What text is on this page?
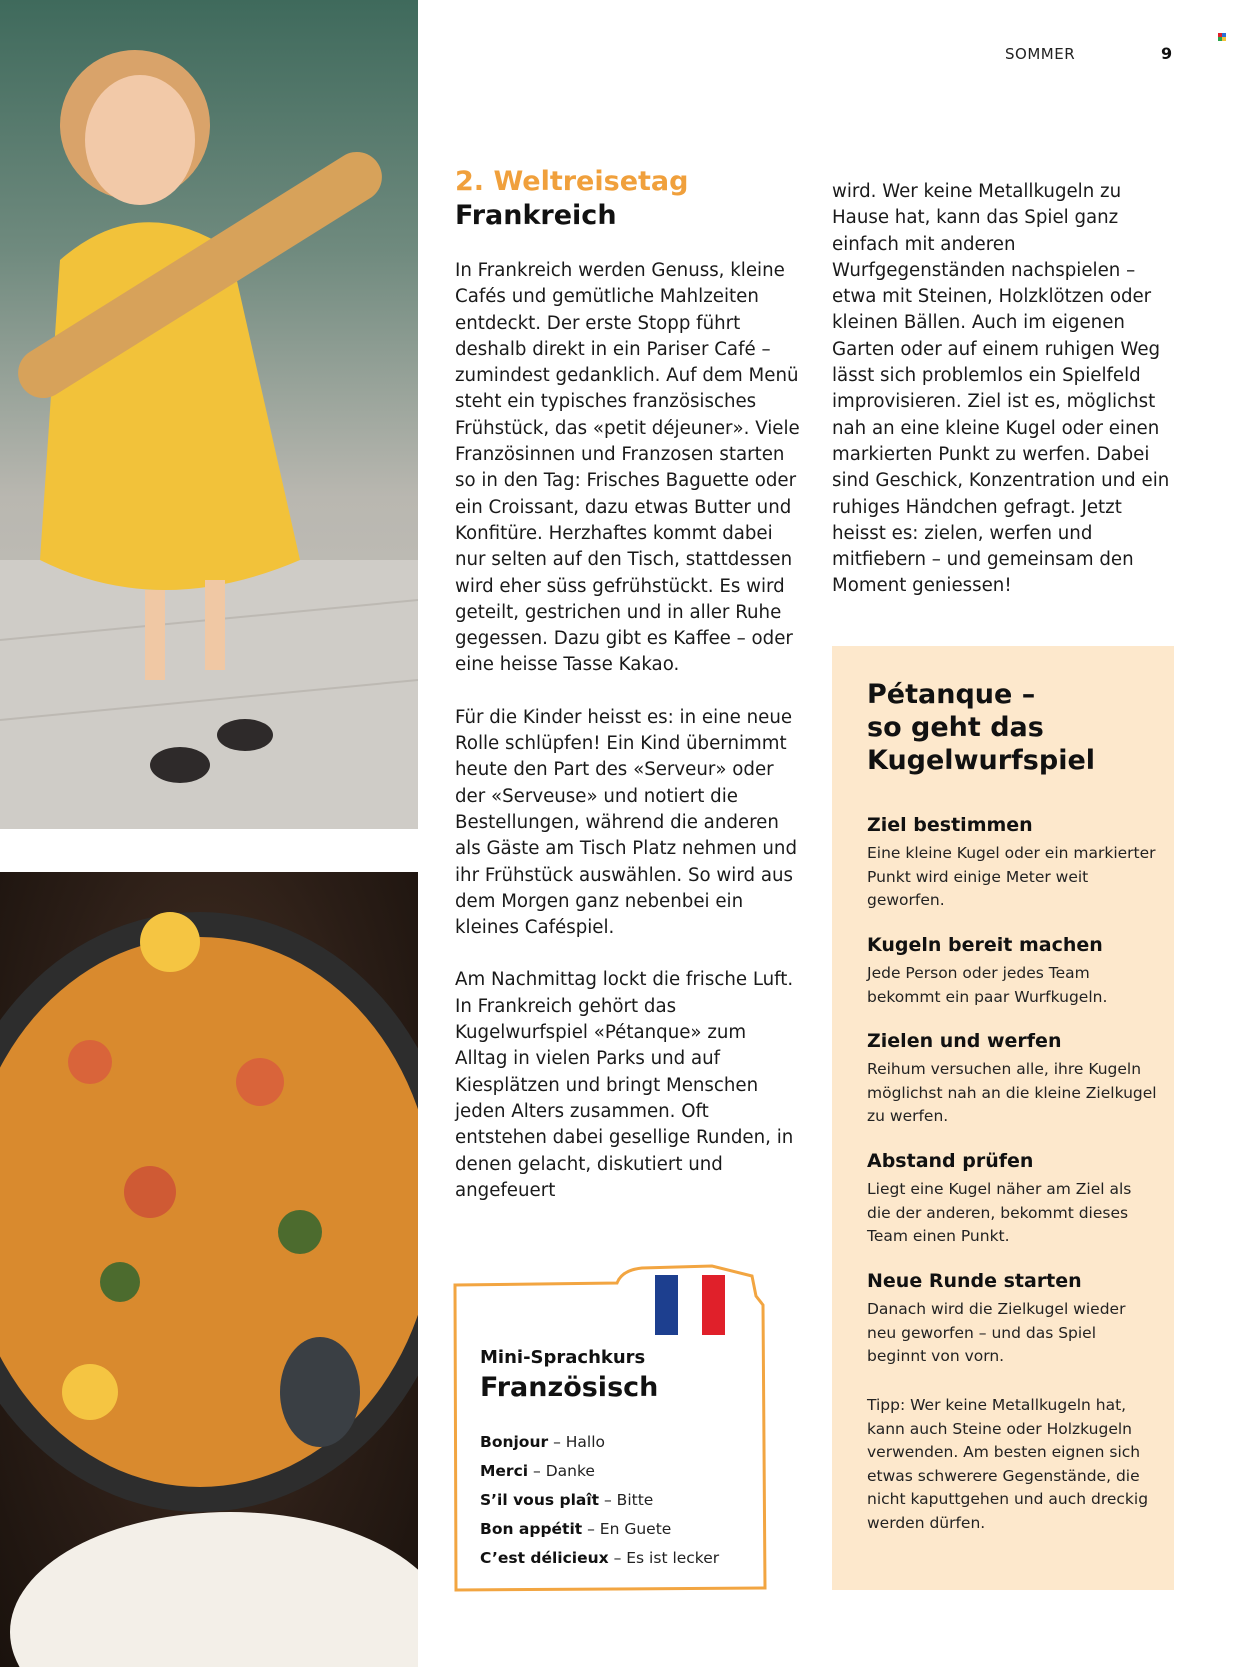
SOMMER	9
2. Weltreisetag
Frankreich

In Frankreich werden Genuss, kleine Cafés und gemütliche Mahlzeiten entdeckt. Der erste Stopp führt deshalb direkt in ein Pariser Café – zumindest gedanklich. Auf dem Menü steht ein typisches französisches Frühstück, das «petit déjeuner». Viele Französinnen und Franzosen starten so in den Tag: Frisches Baguette oder ein Croissant, dazu etwas Butter und Konfitüre. Herzhaftes kommt dabei nur selten auf den Tisch, stattdessen wird eher süss gefrühstückt. Es wird geteilt, gestrichen und in aller Ruhe gegessen. Dazu gibt es Kaffee – oder eine heisse Tasse Kakao.

Für die Kinder heisst es: in eine neue Rolle schlüpfen! Ein Kind übernimmt heute den Part des «Serveur» oder der «Serveuse» und notiert die Bestellungen, während die anderen als Gäste am Tisch Platz nehmen und ihr Frühstück auswählen. So wird aus dem Morgen ganz nebenbei ein kleines Caféspiel.

Am Nachmittag lockt die frische Luft. In Frankreich gehört das Kugelwurfspiel «Pétanque» zum Alltag in vielen Parks und auf Kiesplätzen und bringt Menschen jeden Alters zusammen. Oft entstehen dabei gesellige Runden, in denen gelacht, diskutiert und angefeuert

wird. Wer keine Metallkugeln zu Hause hat, kann das Spiel ganz einfach mit anderen Wurfgegenständen nachspielen – etwa mit Steinen, Holzklötzen oder kleinen Bällen. Auch im eigenen Garten oder auf einem ruhigen Weg lässt sich problemlos ein Spielfeld improvisieren. Ziel ist es, möglichst nah an eine kleine Kugel oder einen markierten Punkt zu werfen. Dabei sind Geschick, Konzentration und ein ruhiges Händchen gefragt. Jetzt heisst es: zielen, werfen und mitfiebern – und gemeinsam den Moment geniessen!

Pétanque –
so geht das
Kugelwurfspiel
Ziel bestimmen

Eine kleine Kugel oder ein markierter Punkt wird einige Meter weit geworfen.

Kugeln bereit machen

Jede Person oder jedes Team bekommt ein paar Wurfkugeln.

Zielen und werfen

Reihum versuchen alle, ihre Kugeln möglichst nah an die kleine Zielkugel zu werfen.

Abstand prüfen

Liegt eine Kugel näher am Ziel als die der anderen, bekommt dieses Team einen Punkt.

Neue Runde starten

Danach wird die Zielkugel wieder neu geworfen – und das Spiel beginnt von vorn.

Tipp: Wer keine Metallkugeln hat, kann auch Steine oder Holzkugeln verwenden. Am besten eignen sich etwas schwerere Gegenstände, die nicht kaputtgehen und auch dreckig werden dürfen.

Mini-Sprachkurs
Französisch
Bonjour – Hallo
Merci – Danke
S’il vous plaît – Bitte
Bon appétit – En Guete
C’est délicieux – Es ist lecker
